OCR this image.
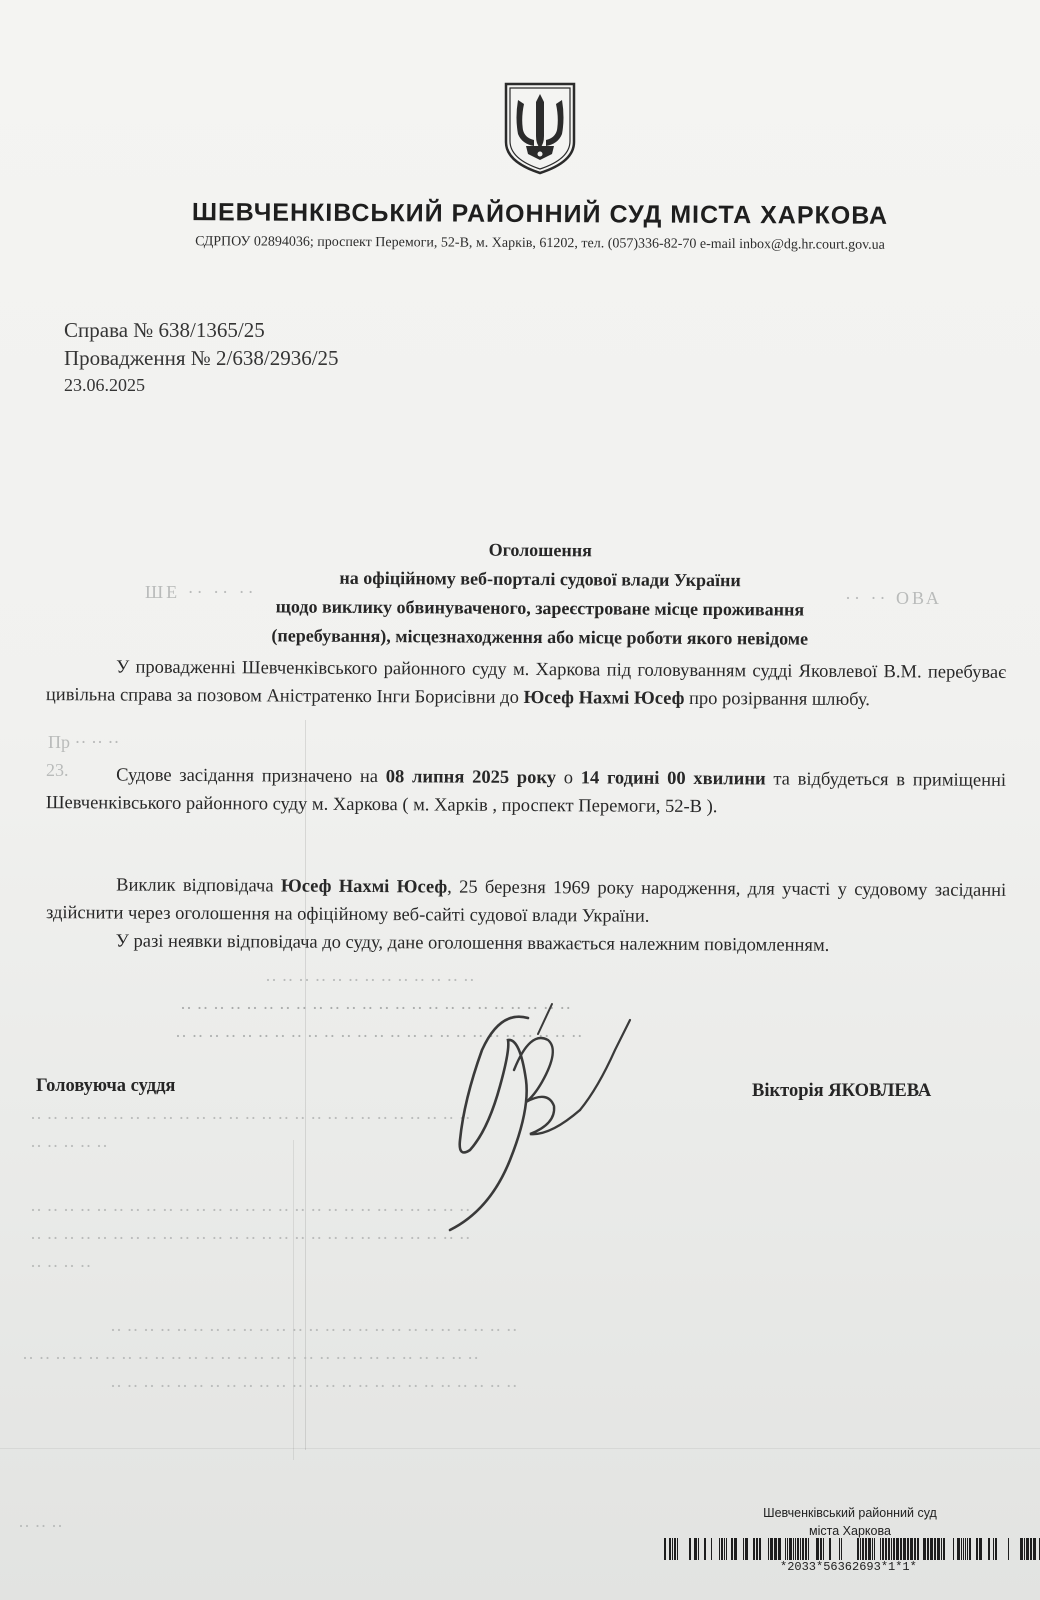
ШЕ ·· ·· ··	·· ·· ОВА
Пр ·· ·· ··
23.
·· ·· ·· ·· ·· ·· ·· ·· ·· ·· ·· ·· ··
·· ·· ·· ·· ·· ·· ·· ·· ·· ·· ·· ·· ·· ·· ·· ·· ·· ·· ·· ·· ·· ·· ·· ··
·· ·· ·· ·· ·· ·· ·· ·· ·· ·· ·· ·· ·· ·· ·· ·· ·· ·· ·· ·· ·· ·· ·· ·· ··
·· ·· ·· ·· ·· ·· ·· ·· ·· ·· ·· ·· ·· ·· ·· ·· ·· ·· ·· ·· ·· ·· ·· ·· ·· ·· ··
·· ·· ·· ·· ··
·· ·· ·· ·· ·· ·· ·· ·· ·· ·· ·· ·· ·· ·· ·· ·· ·· ·· ·· ·· ·· ·· ·· ·· ·· ·· ··
·· ·· ·· ·· ·· ·· ·· ·· ·· ·· ·· ·· ·· ·· ·· ·· ·· ·· ·· ·· ·· ·· ·· ·· ·· ·· ··
·· ·· ·· ··
·· ·· ·· ·· ·· ·· ·· ·· ·· ·· ·· ·· ·· ·· ·· ·· ·· ·· ·· ·· ·· ·· ·· ·· ··
·· ·· ·· ·· ·· ·· ·· ·· ·· ·· ·· ·· ·· ·· ·· ·· ·· ·· ·· ·· ·· ·· ·· ·· ·· ·· ·· ··
·· ·· ·· ·· ·· ·· ·· ·· ·· ·· ·· ·· ·· ·· ·· ·· ·· ·· ·· ·· ·· ·· ·· ·· ··
·· ·· ··
ШЕВЧЕНКІВСЬКИЙ РАЙОННИЙ СУД МІСТА ХАРКОВА
СДРПОУ 02894036; проспект Перемоги, 52-В, м. Харків, 61202, тел. (057)336-82-70 e-mail inbox@dg.hr.court.gov.ua
Справа № 638/1365/25
Провадження № 2/638/2936/25
23.06.2025
Оголошення
на офіційному веб-порталі судової влади України
щодо виклику обвинуваченого, зареєстроване місце проживання
(перебування), місцезнаходження або місце роботи якого невідоме

У провадженні Шевченківського районного суду м. Харкова під головуванням судді Яковлевої В.М. перебуває цивільна справа за позовом Аністратенко Інги Борисівни до Юсеф Нахмі Юсеф про розірвання шлюбу.

Судове засідання призначено на 08 липня 2025 року о 14 годині 00 хвилини та відбудеться в приміщенні Шевченківського районного суду м. Харкова ( м. Харків , проспект Перемоги, 52-В ).

Виклик відповідача Юсеф Нахмі Юсеф, 25 березня 1969 року народження, для участі у судовому засіданні здійснити через оголошення на офіційному веб-сайті судової влади України.

У разі неявки відповідача до суду, дане оголошення вважається належним повідомленням.

Головуюча суддя	Вікторія ЯКОВЛЕВА
Шевченківський районний суд
міста Харкова
*2033*56362693*1*1*
